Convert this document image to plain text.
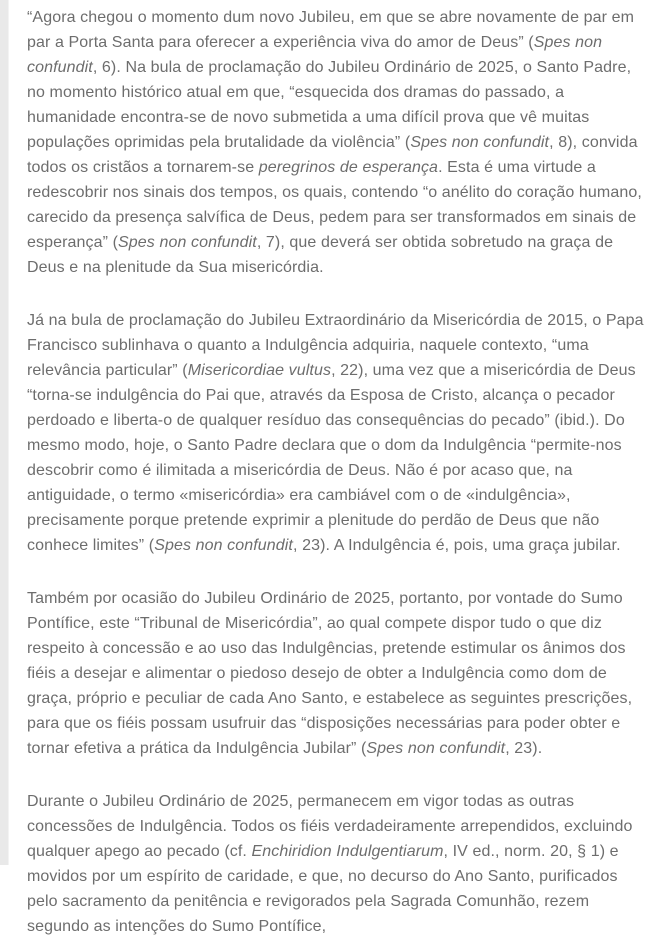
“Agora chegou o momento dum novo Jubileu, em que se abre novamente de par em par a Porta Santa para oferecer a experiência viva do amor de Deus” (Spes non confundit, 6). Na bula de proclamação do Jubileu Ordinário de 2025, o Santo Padre, no momento histórico atual em que, “esquecida dos dramas do passado, a humanidade encontra-se de novo submetida a uma difícil prova que vê muitas populações oprimidas pela brutalidade da violência” (Spes non confundit, 8), convida todos os cristãos a tornarem-se peregrinos de esperança. Esta é uma virtude a redescobrir nos sinais dos tempos, os quais, contendo “o anélito do coração humano, carecido da presença salvífica de Deus, pedem para ser transformados em sinais de esperança” (Spes non confundit, 7), que deverá ser obtida sobretudo na graça de Deus e na plenitude da Sua misericórdia.

Já na bula de proclamação do Jubileu Extraordinário da Misericórdia de 2015, o Papa Francisco sublinhava o quanto a Indulgência adquiria, naquele contexto, “uma relevância particular” (Misericordiae vultus, 22), uma vez que a misericórdia de Deus “torna-se indulgência do Pai que, através da Esposa de Cristo, alcança o pecador perdoado e liberta-o de qualquer resíduo das consequências do pecado” (ibid.). Do mesmo modo, hoje, o Santo Padre declara que o dom da Indulgência “permite-nos descobrir como é ilimitada a misericórdia de Deus. Não é por acaso que, na antiguidade, o termo «misericórdia» era cambiável com o de «indulgência», precisamente porque pretende exprimir a plenitude do perdão de Deus que não conhece limites” (Spes non confundit, 23). A Indulgência é, pois, uma graça jubilar.

Também por ocasião do Jubileu Ordinário de 2025, portanto, por vontade do Sumo Pontífice, este “Tribunal de Misericórdia”, ao qual compete dispor tudo o que diz respeito à concessão e ao uso das Indulgências, pretende estimular os ânimos dos fiéis a desejar e alimentar o piedoso desejo de obter a Indulgência como dom de graça, próprio e peculiar de cada Ano Santo, e estabelece as seguintes prescrições, para que os fiéis possam usufruir das “disposições necessárias para poder obter e tornar efetiva a prática da Indulgência Jubilar” (Spes non confundit, 23).

Durante o Jubileu Ordinário de 2025, permanecem em vigor todas as outras concessões de Indulgência. Todos os fiéis verdadeiramente arrependidos, excluindo qualquer apego ao pecado (cf. Enchiridion Indulgentiarum, IV ed., norm. 20, § 1) e movidos por um espírito de caridade, e que, no decurso do Ano Santo, purificados pelo sacramento da penitência e revigorados pela Sagrada Comunhão, rezem segundo as intenções do Sumo Pontífice,
